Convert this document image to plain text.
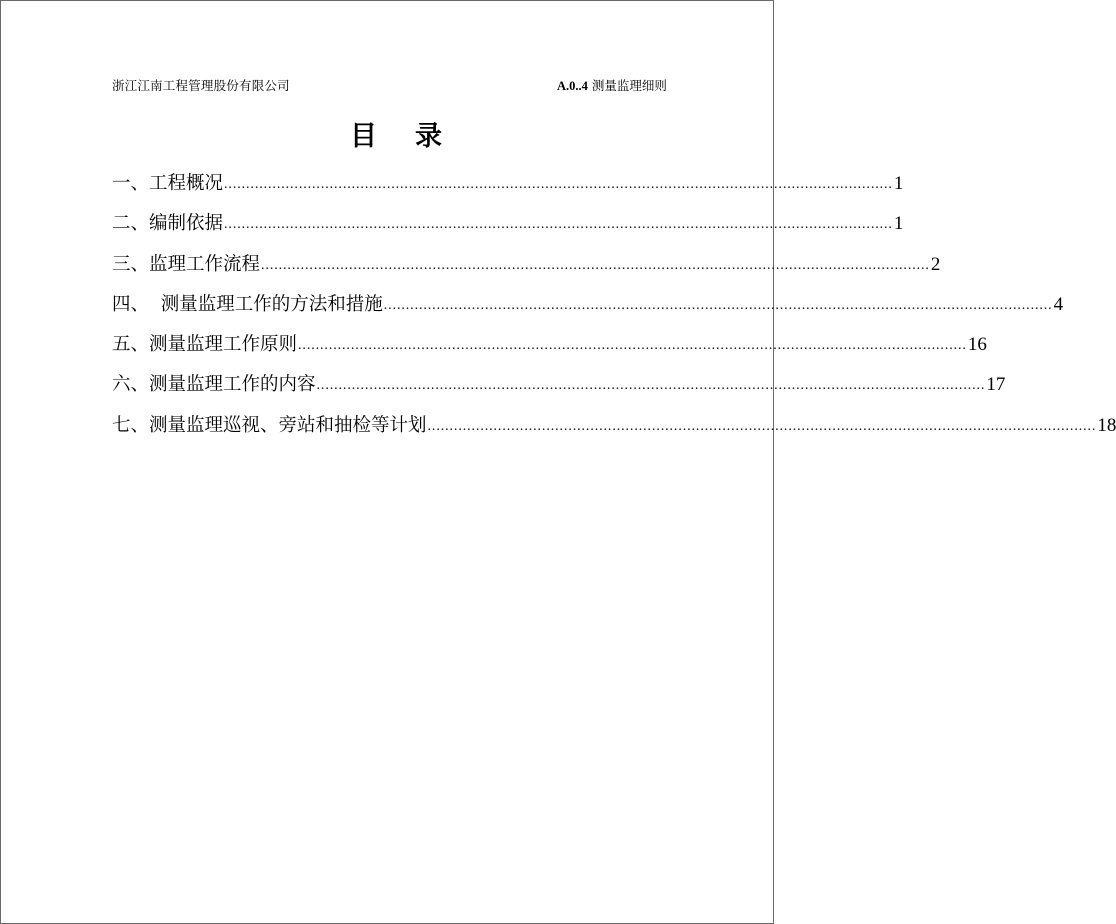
浙江江南工程管理股份有限公司	A.0..4 测量监理细则
目 录
一、工程概况 ........................................................................................................................................................ 1
二、编制依据 ........................................................................................................................................................ 1
三、监理工作流程 ........................................................................................................................................................ 2
四、  测量监理工作的方法和措施 ........................................................................................................................................................ 4
五、测量监理工作原则 ........................................................................................................................................................ 16
六、测量监理工作的内容 ........................................................................................................................................................ 17
七、测量监理巡视、旁站和抽检等计划 ........................................................................................................................................................ 18
